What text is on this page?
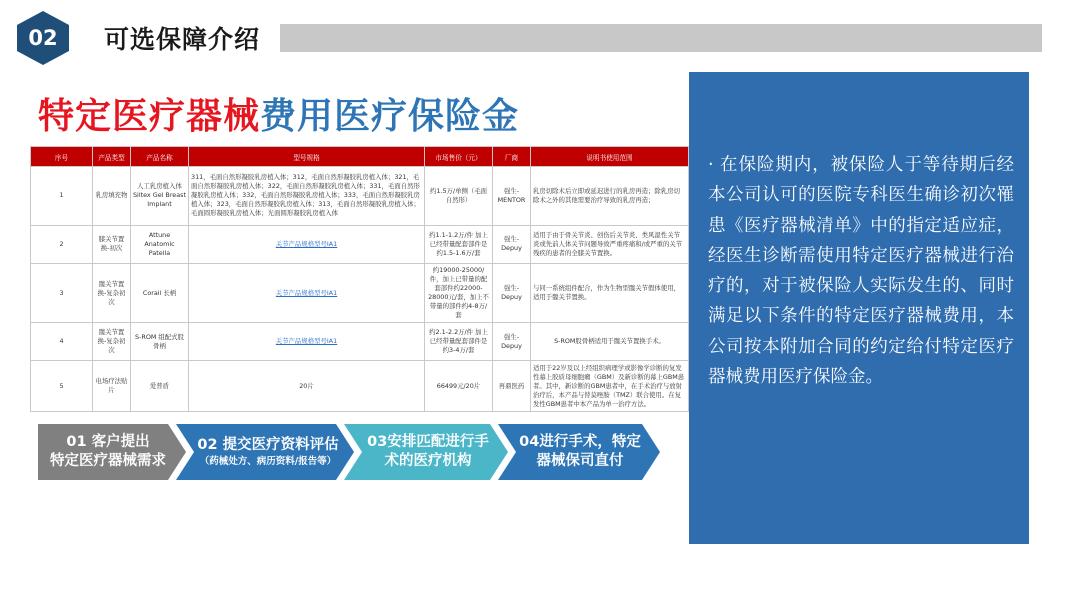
02	可选保障介绍
特定医疗器械费用医疗保险金
序号	产品类型	产品名称	型号规格	市场售价（元）	厂商	说明书使用范围
1	乳房填充物	人工乳房植入体 Siltex Gel Breast Implant	311，毛面自然形凝胶乳房植入体；312，毛面自然形凝胶乳房植入体；321，毛面自然形凝胶乳房植入体；322，毛面自然形凝胶乳房植入体；331，毛面自然形凝胶乳房植入体；332，毛面自然形凝胶乳房植入体；333，毛面自然形凝胶乳房植入体；323，毛面自然形凝胶乳房植入体；313，毛面自然形凝胶乳房植入体；毛面圆形凝胶乳房植入体；光面圆形凝胶乳房植入体	约1.5万/单侧（毛面自然形）	强生-MENTOR	乳房切除术后立即或延迟进行的乳房再造；除乳房切除术之外的其他需要治疗导致的乳房再造；
2	膝关节置换-初次	Attune Anatomic Patella	关节产品规格型号IA1	约1.1-1.2万/件 加上已经带量配套部件是 约1.5-1.6万/套	强生-Depuy	适用于由于骨关节炎、创伤后关节炎、类风湿性关节炎或先前人体关节问题导致严重疼痛和/或严重的关节残疾的患者的全膝关节置换。
3	髋关节置换-复杂初次	Corail 长柄	关节产品规格型号IA1	约19000-25000/件，加上已带量的配套部件约22000-28000元/套，加上不带量的部件约4-8万/套	强生-Depuy	与同一系统组件配合，作为生物型髋关节假体使用，适用于髋关节置换。
4	髋关节置换-复杂初次	S-ROM 组配式股骨柄	关节产品规格型号IA1	约2.1-2.2万/件 加上已经带量配套部件是 约3-4万/套	强生-Depuy	S-ROM股骨柄适用于髋关节置换手术。
5	电场疗法贴片	爱普盾	20片	66499元/20片	再鼎医药	适用于22岁及以上经组织病理学或影像学诊断的复发性幕上胶质母细胞瘤（GBM）及新诊断的幕上GBM患者。其中，新诊断的GBM患者中，在手术治疗与放射治疗后，本产品与替莫唑胺（TMZ）联合使用。在复发性GBM患者中本产品为单一治疗方法。
01 客户提出
特定医疗器械需求
02 提交医疗资料评估
（药械处方、病历资料/报告等）
03安排匹配进行手
术的医疗机构
04进行手术，特定
器械保司直付
· 在保险期内，被保险人于等待期后经本公司认可的医院专科医生确诊初次罹患《医疗器械清单》中的指定适应症，经医生诊断需使用特定医疗器械进行治疗的，对于被保险人实际发生的、同时满足以下条件的特定医疗器械费用，本公司按本附加合同的约定给付特定医疗器械费用医疗保险金。
